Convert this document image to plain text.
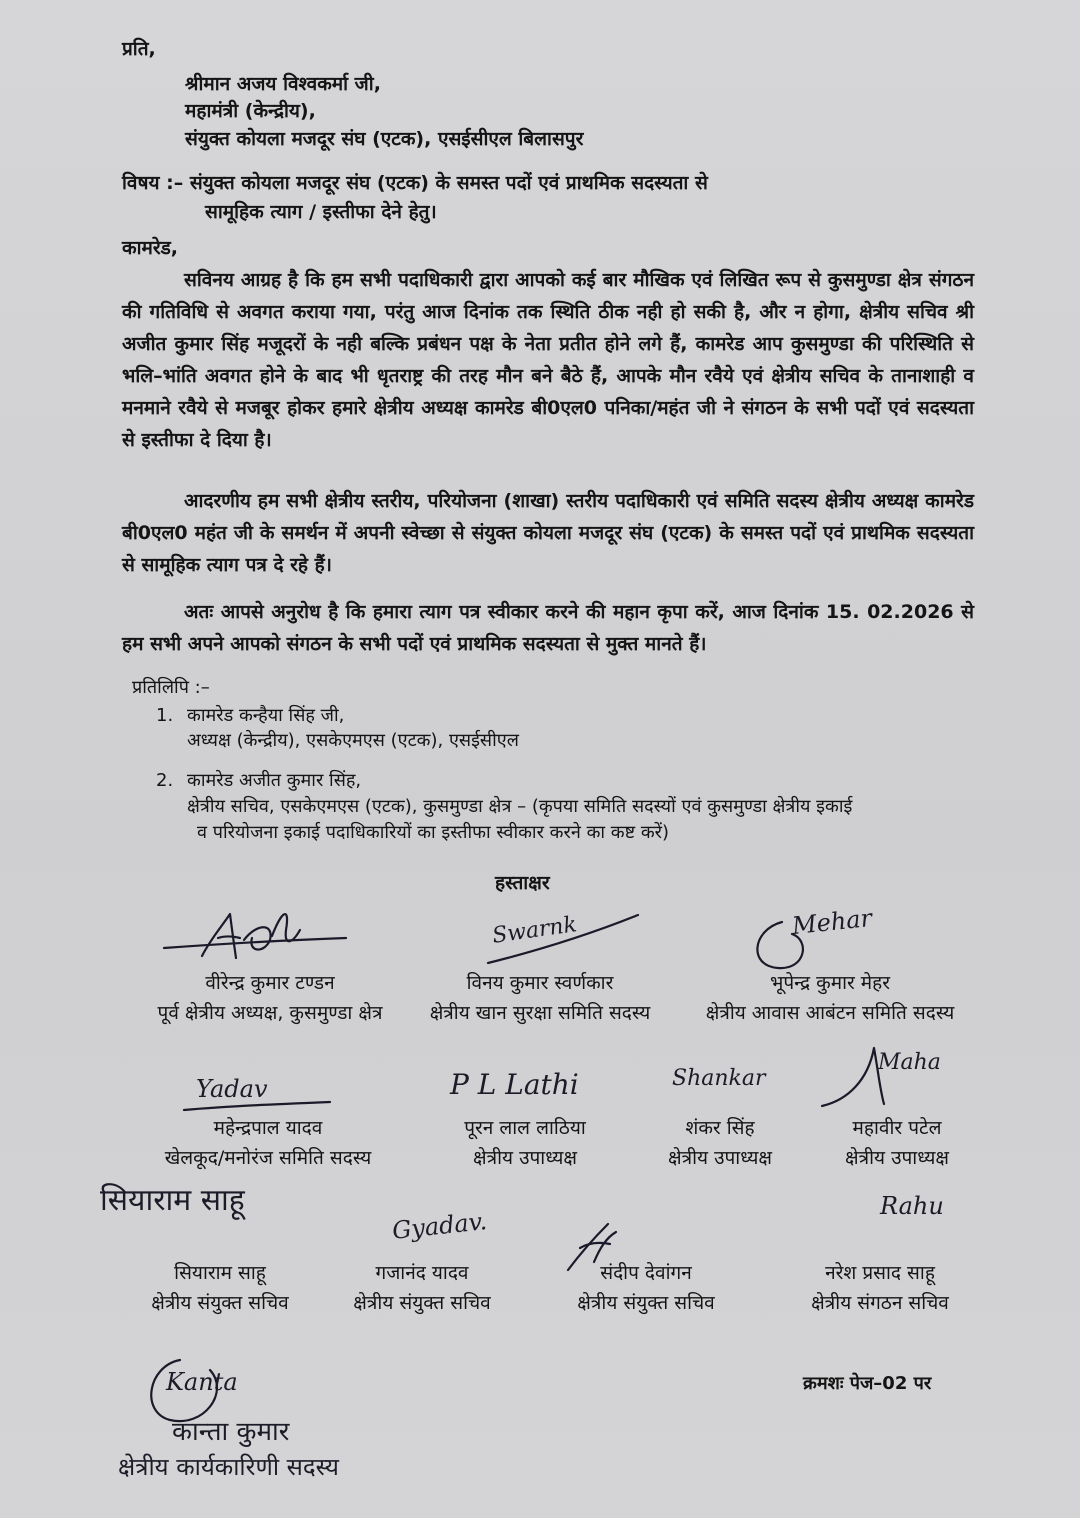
प्रति,
श्रीमान अजय विश्वकर्मा जी,
महामंत्री (केन्द्रीय),
संयुक्त कोयला मजदूर संघ (एटक), एसईसीएल बिलासपुर
विषय :– संयुक्त कोयला मजदूर संघ (एटक) के समस्त पदों एवं प्राथमिक सदस्यता से
सामूहिक त्याग / इस्तीफा देने हेतु।
कामरेड,
सविनय आग्रह है कि हम सभी पदाधिकारी द्वारा आपको कई बार मौखिक एवं लिखित रूप से कुसमुण्डा क्षेत्र संगठन की गतिविधि से अवगत कराया गया, परंतु आज दिनांक तक स्थिति ठीक नही हो सकी है, और न होगा, क्षेत्रीय सचिव श्री अजीत कुमार सिंह मजूदरों के नही बल्कि प्रबंधन पक्ष के नेता प्रतीत होने लगे हैं, कामरेड आप कुसमुण्डा की परिस्थिति से भलि–भांति अवगत होने के बाद भी धृतराष्ट्र की तरह मौन बने बैठे हैं, आपके मौन रवैये एवं क्षेत्रीय सचिव के तानाशाही व मनमाने रवैये से मजबूर होकर हमारे क्षेत्रीय अध्यक्ष कामरेड बी0एल0 पनिका/महंत जी ने संगठन के सभी पदों एवं सदस्यता से इस्तीफा दे दिया है।
आदरणीय हम सभी क्षेत्रीय स्तरीय, परियोजना (शाखा) स्तरीय पदाधिकारी एवं समिति सदस्य क्षेत्रीय अध्यक्ष कामरेड बी0एल0 महंत जी के समर्थन में अपनी स्वेच्छा से संयुक्त कोयला मजदूर संघ (एटक) के समस्त पदों एवं प्राथमिक सदस्यता से सामूहिक त्याग पत्र दे रहे हैं।
अतः आपसे अनुरोध है कि हमारा त्याग पत्र स्वीकार करने की महान कृपा करें, आज दिनांक 15. 02.2026 से हम सभी अपने आपको संगठन के सभी पदों एवं प्राथमिक सदस्यता से मुक्त मानते हैं।
प्रतिलिपि :–
1. कामरेड कन्हैया सिंह जी,
अध्यक्ष (केन्द्रीय), एसकेएमएस (एटक), एसईसीएल
2. कामरेड अजीत कुमार सिंह,
क्षेत्रीय सचिव, एसकेएमएस (एटक), कुसमुण्डा क्षेत्र – (कृपया समिति सदस्यों एवं कुसमुण्डा क्षेत्रीय इकाई
व परियोजना इकाई पदाधिकारियों का इस्तीफा स्वीकार करने का कष्ट करें)
हस्ताक्षर
Swarnk	Mehar
वीरेन्द्र कुमार टण्डन
पूर्व क्षेत्रीय अध्यक्ष, कुसमुण्डा क्षेत्र
विनय कुमार स्वर्णकार
क्षेत्रीय खान सुरक्षा समिति सदस्य
भूपेन्द्र कुमार मेहर
क्षेत्रीय आवास आबंटन समिति सदस्य
Yadav	P L Lathi	Shankar
Maha
महेन्द्रपाल यादव
खेलकूद/मनोरंज समिति सदस्य
पूरन लाल लाठिया
क्षेत्रीय उपाध्यक्ष
शंकर सिंह
क्षेत्रीय उपाध्यक्ष
महावीर पटेल
क्षेत्रीय उपाध्यक्ष
सियाराम साहू
Gyadav.
Rahu
सियाराम साहू
क्षेत्रीय संयुक्त सचिव
गजानंद यादव
क्षेत्रीय संयुक्त सचिव
संदीप देवांगन
क्षेत्रीय संयुक्त सचिव
नरेश प्रसाद साहू
क्षेत्रीय संगठन सचिव
Kanta
कान्ता कुमार
क्षेत्रीय कार्यकारिणी सदस्य
क्रमशः पेज–02 पर
